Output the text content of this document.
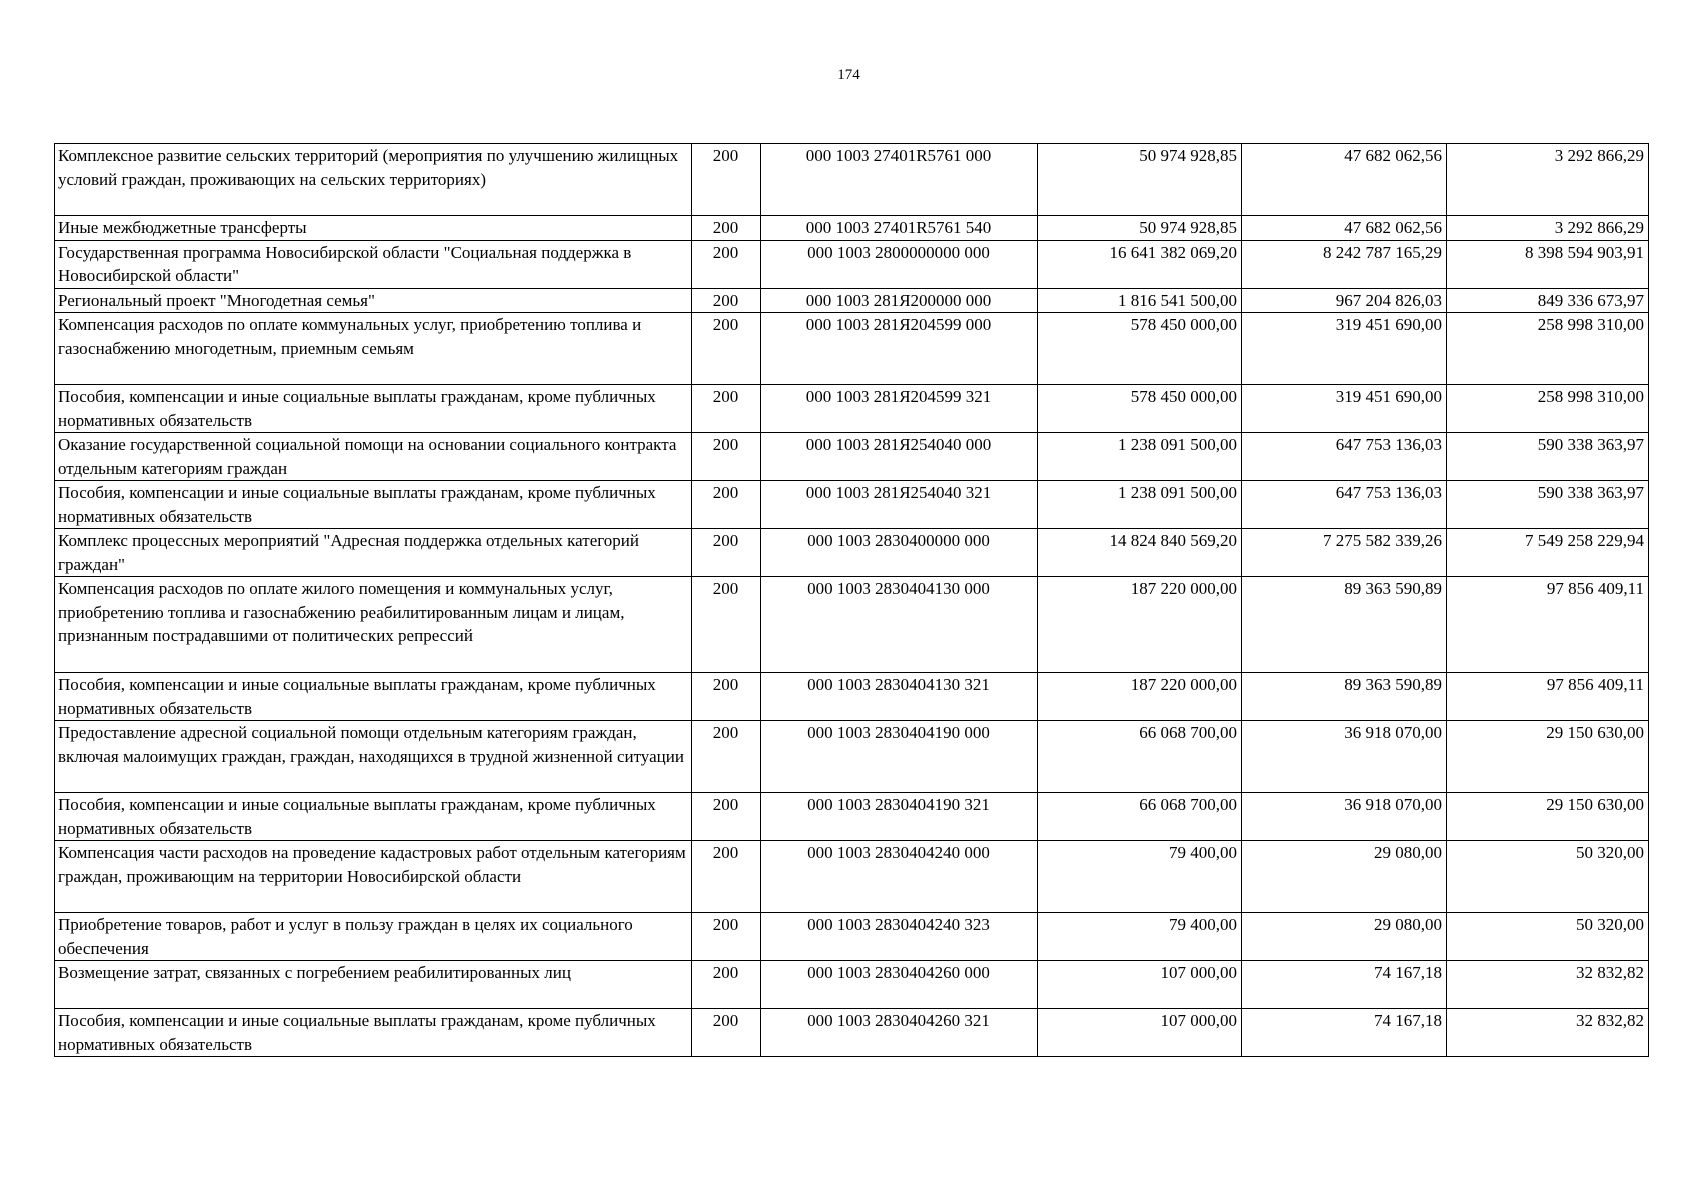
174
Комплексное развитие сельских территорий (мероприятия по улучшению жилищных условий граждан, проживающих на сельских территориях)	200	000 1003 27401R5761 000	50 974 928,85	47 682 062,56	3 292 866,29
Иные межбюджетные трансферты	200	000 1003 27401R5761 540	50 974 928,85	47 682 062,56	3 292 866,29
Государственная программа Новосибирской области "Социальная поддержка в Новосибирской области"	200	000 1003 2800000000 000	16 641 382 069,20	8 242 787 165,29	8 398 594 903,91
Региональный проект "Многодетная семья"	200	000 1003 281Я200000 000	1 816 541 500,00	967 204 826,03	849 336 673,97
Компенсация расходов по оплате коммунальных услуг, приобретению топлива и газоснабжению многодетным, приемным семьям	200	000 1003 281Я204599 000	578 450 000,00	319 451 690,00	258 998 310,00
Пособия, компенсации и иные социальные выплаты гражданам, кроме публичных нормативных обязательств	200	000 1003 281Я204599 321	578 450 000,00	319 451 690,00	258 998 310,00
Оказание государственной социальной помощи на основании социального контракта отдельным категориям граждан	200	000 1003 281Я254040 000	1 238 091 500,00	647 753 136,03	590 338 363,97
Пособия, компенсации и иные социальные выплаты гражданам, кроме публичных нормативных обязательств	200	000 1003 281Я254040 321	1 238 091 500,00	647 753 136,03	590 338 363,97
Комплекс процессных мероприятий "Адресная поддержка отдельных категорий граждан"	200	000 1003 2830400000 000	14 824 840 569,20	7 275 582 339,26	7 549 258 229,94
Компенсация расходов по оплате жилого помещения и коммунальных услуг, приобретению топлива и газоснабжению реабилитированным лицам и лицам, признанным пострадавшими от политических репрессий	200	000 1003 2830404130 000	187 220 000,00	89 363 590,89	97 856 409,11
Пособия, компенсации и иные социальные выплаты гражданам, кроме публичных нормативных обязательств	200	000 1003 2830404130 321	187 220 000,00	89 363 590,89	97 856 409,11
Предоставление адресной социальной помощи отдельным категориям граждан, включая малоимущих граждан, граждан, находящихся в трудной жизненной ситуации	200	000 1003 2830404190 000	66 068 700,00	36 918 070,00	29 150 630,00
Пособия, компенсации и иные социальные выплаты гражданам, кроме публичных нормативных обязательств	200	000 1003 2830404190 321	66 068 700,00	36 918 070,00	29 150 630,00
Компенсация части расходов на проведение кадастровых работ отдельным категориям граждан, проживающим на территории Новосибирской области	200	000 1003 2830404240 000	79 400,00	29 080,00	50 320,00
Приобретение товаров, работ и услуг в пользу граждан в целях их социального обеспечения	200	000 1003 2830404240 323	79 400,00	29 080,00	50 320,00
Возмещение затрат, связанных с погребением реабилитированных лиц	200	000 1003 2830404260 000	107 000,00	74 167,18	32 832,82
Пособия, компенсации и иные социальные выплаты гражданам, кроме публичных нормативных обязательств	200	000 1003 2830404260 321	107 000,00	74 167,18	32 832,82
